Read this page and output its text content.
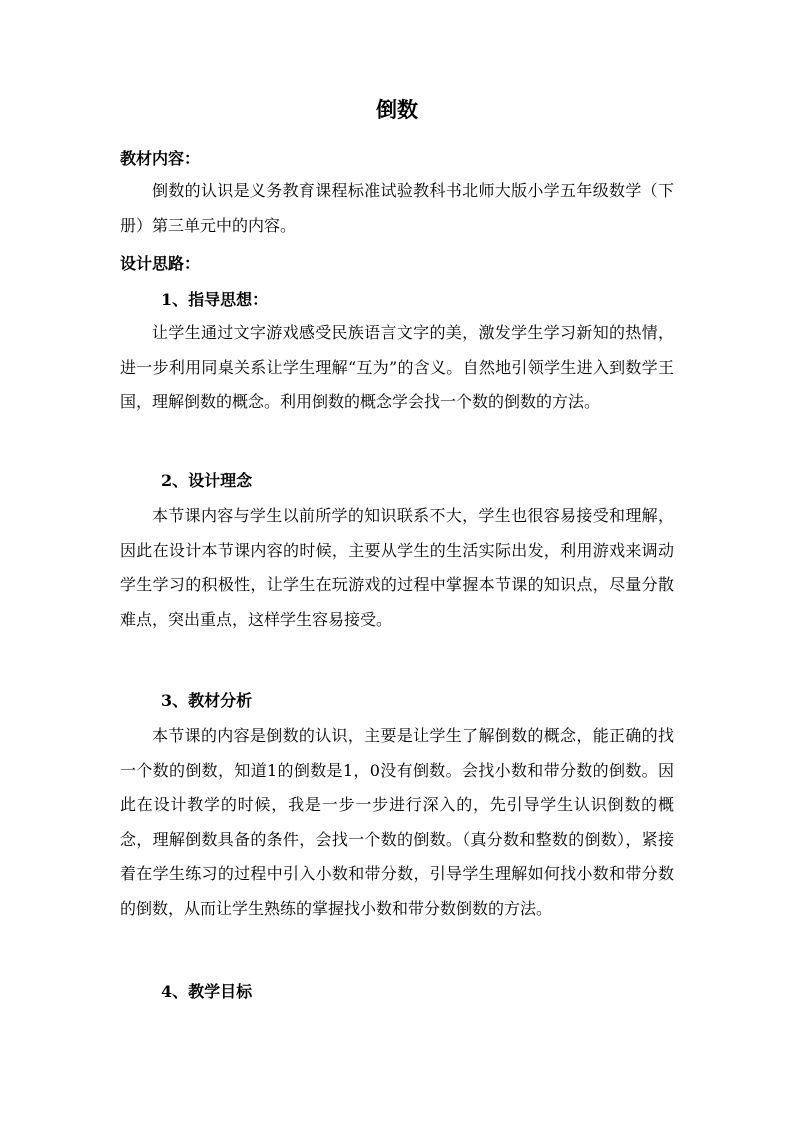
倒数
教材内容：

倒数的认识是义务教育课程标准试验教科书北师大版小学五年级数学（下册）第三单元中的内容。

设计思路：
1、指导思想：

让学生通过文字游戏感受民族语言文字的美，激发学生学习新知的热情，进一步利用同桌关系让学生理解“互为”的含义。自然地引领学生进入到数学王国，理解倒数的概念。利用倒数的概念学会找一个数的倒数的方法。

2、设计理念

本节课内容与学生以前所学的知识联系不大，学生也很容易接受和理解，因此在设计本节课内容的时候，主要从学生的生活实际出发，利用游戏来调动学生学习的积极性，让学生在玩游戏的过程中掌握本节课的知识点，尽量分散难点，突出重点，这样学生容易接受。

3、教材分析

本节课的内容是倒数的认识，主要是让学生了解倒数的概念，能正确的找一个数的倒数，知道1的倒数是1，0没有倒数。会找小数和带分数的倒数。因此在设计教学的时候，我是一步一步进行深入的，先引导学生认识倒数的概念，理解倒数具备的条件，会找一个数的倒数。（真分数和整数的倒数），紧接着在学生练习的过程中引入小数和带分数，引导学生理解如何找小数和带分数的倒数，从而让学生熟练的掌握找小数和带分数倒数的方法。

4、教学目标
